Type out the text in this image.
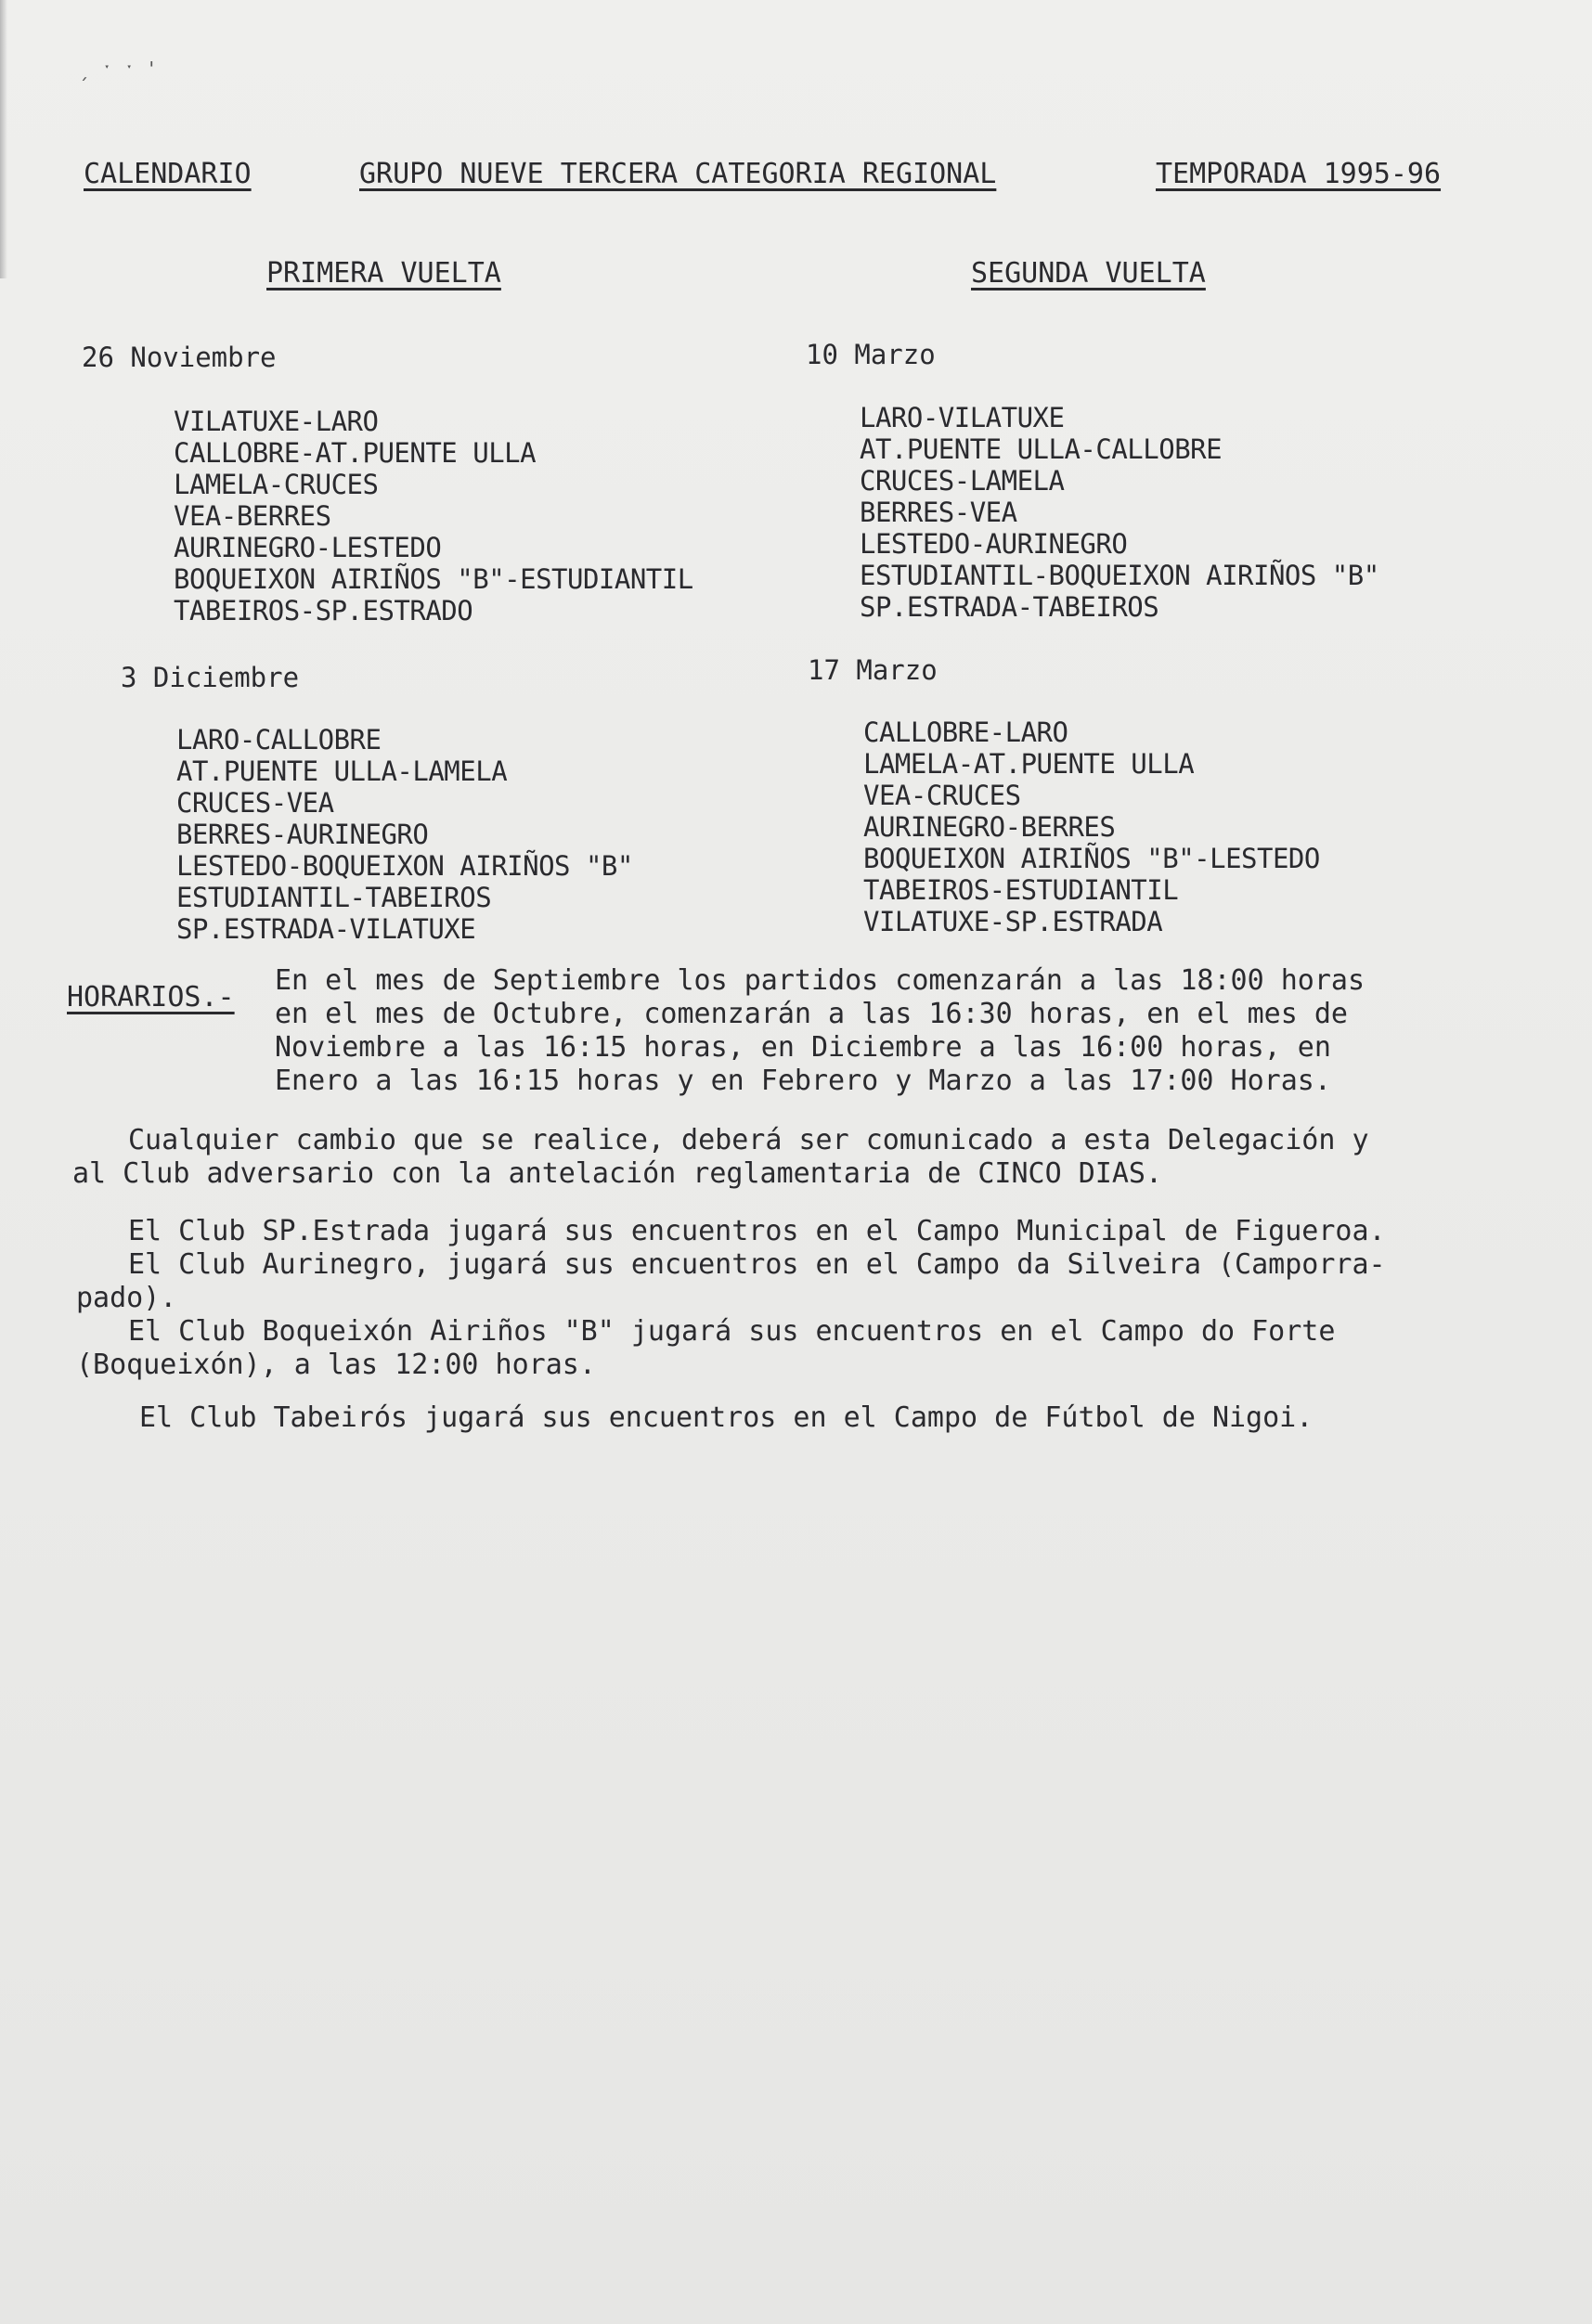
ˏ ˑ ˑ '
CALENDARIO	GRUPO NUEVE TERCERA CATEGORIA REGIONAL	TEMPORADA 1995-96
PRIMERA VUELTA	SEGUNDA VUELTA
26 Noviembre
VILATUXE-LARO
CALLOBRE-AT.PUENTE ULLA
LAMELA-CRUCES
VEA-BERRES
AURINEGRO-LESTEDO
BOQUEIXON AIRIÑOS "B"-ESTUDIANTIL
TABEIROS-SP.ESTRADO
3 Diciembre
LARO-CALLOBRE
AT.PUENTE ULLA-LAMELA
CRUCES-VEA
BERRES-AURINEGRO
LESTEDO-BOQUEIXON AIRIÑOS "B"
ESTUDIANTIL-TABEIROS
SP.ESTRADA-VILATUXE
10 Marzo
LARO-VILATUXE
AT.PUENTE ULLA-CALLOBRE
CRUCES-LAMELA
BERRES-VEA
LESTEDO-AURINEGRO
ESTUDIANTIL-BOQUEIXON AIRIÑOS "B"
SP.ESTRADA-TABEIROS
17 Marzo
CALLOBRE-LARO
LAMELA-AT.PUENTE ULLA
VEA-CRUCES
AURINEGRO-BERRES
BOQUEIXON AIRIÑOS "B"-LESTEDO
TABEIROS-ESTUDIANTIL
VILATUXE-SP.ESTRADA
HORARIOS.-
En el mes de Septiembre los partidos comenzarán a las 18:00 horas
en el mes de Octubre, comenzarán a las 16:30 horas, en el mes de
Noviembre a las 16:15 horas, en Diciembre a las 16:00 horas, en
Enero a las 16:15 horas y en Febrero y Marzo a las 17:00 Horas.
Cualquier cambio que se realice, deberá ser comunicado a esta Delegación y
al Club adversario con la antelación reglamentaria de CINCO DIAS.
El Club SP.Estrada jugará sus encuentros en el Campo Municipal de Figueroa.
El Club Aurinegro, jugará sus encuentros en el Campo da Silveira (Camporra-
pado).
El Club Boqueixón Airiños "B" jugará sus encuentros en el Campo do Forte
(Boqueixón), a las 12:00 horas.
El Club Tabeirós jugará sus encuentros en el Campo de Fútbol de Nigoi.
